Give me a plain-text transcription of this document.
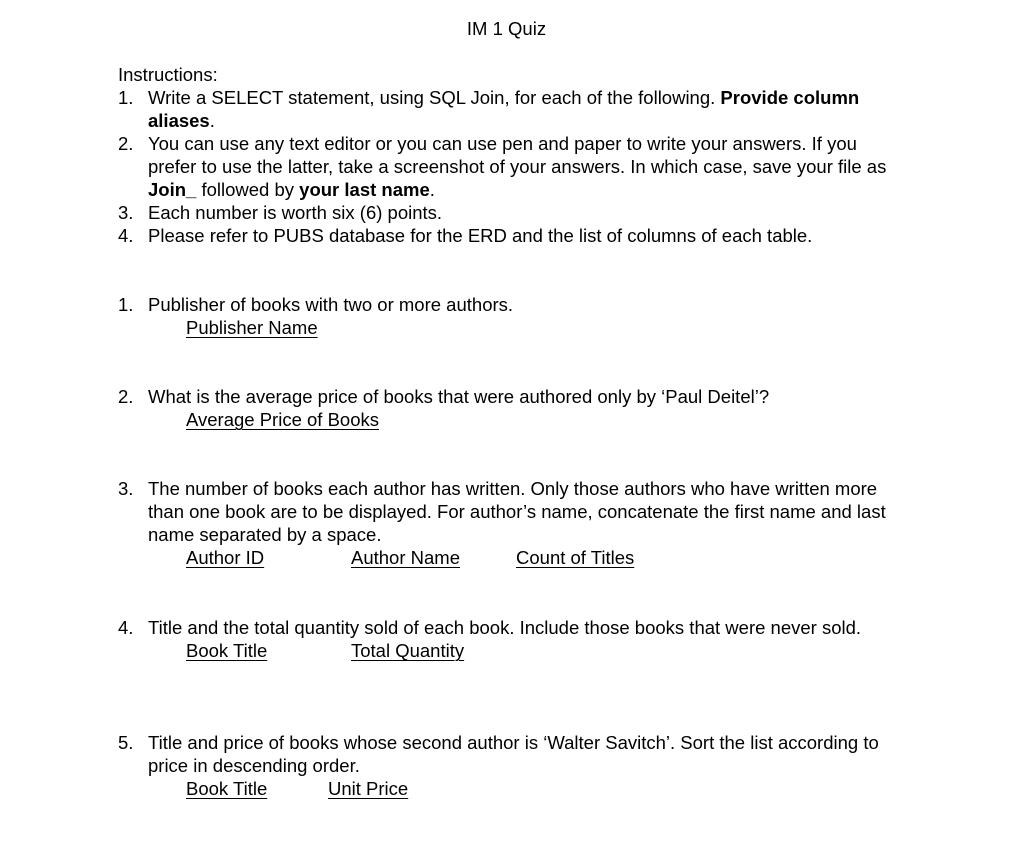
IM 1 Quiz
Instructions:
1. Write a SELECT statement, using SQL Join, for each of the following. Provide column aliases.
2. You can use any text editor or you can use pen and paper to write your answers. If you prefer to use the latter, take a screenshot of your answers. In which case, save your file as Join_ followed by your last name.
3. Each number is worth six (6) points.
4. Please refer to PUBS database for the ERD and the list of columns of each table.
1. Publisher of books with two or more authors.
Publisher Name
2. What is the average price of books that were authored only by ‘Paul Deitel’?
Average Price of Books
3. The number of books each author has written. Only those authors who have written more than one book are to be displayed. For author’s name, concatenate the first name and last name separated by a space.
Author ID	Author Name	Count of Titles
4. Title and the total quantity sold of each book. Include those books that were never sold.
Book Title	Total Quantity
5. Title and price of books whose second author is ‘Walter Savitch’. Sort the list according to price in descending order.
Book Title	Unit Price
